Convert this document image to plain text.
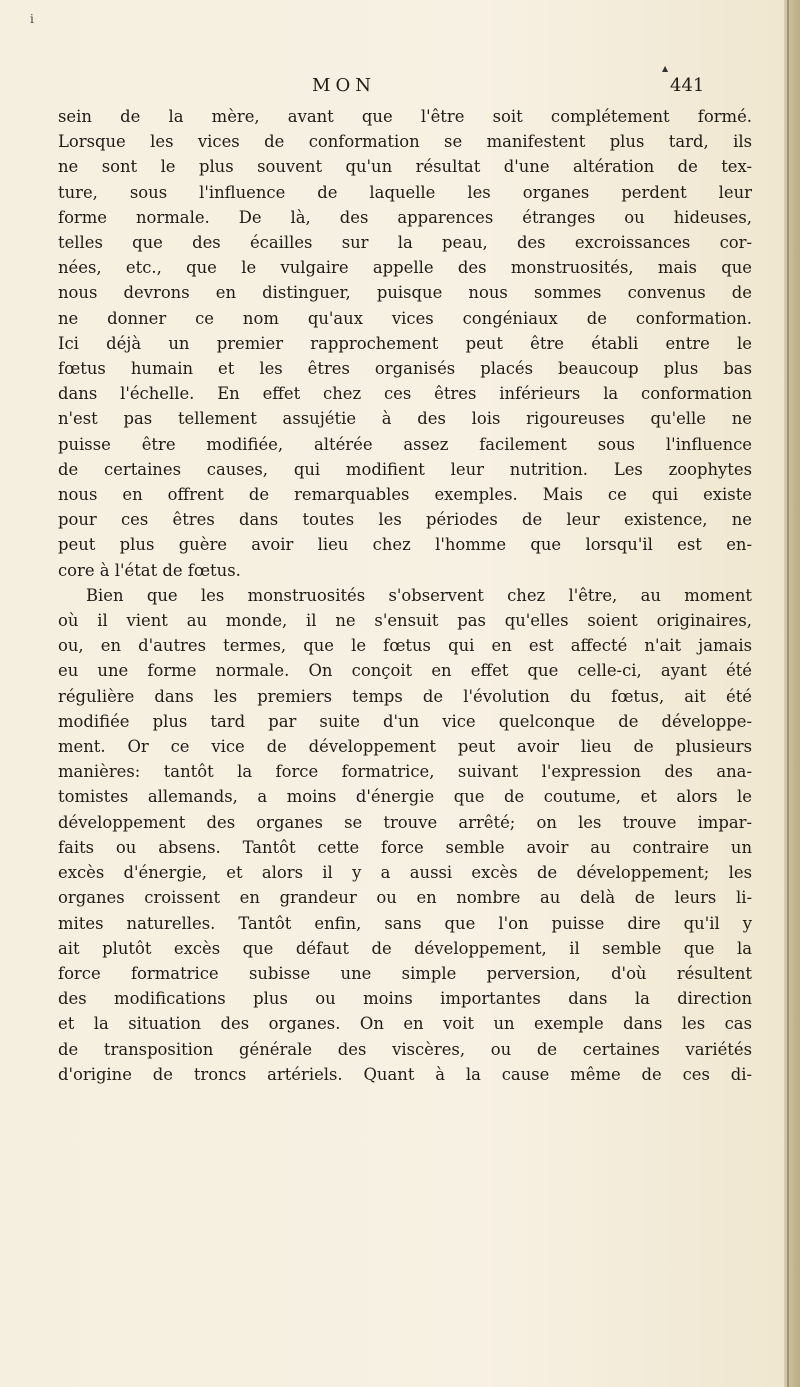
i
▲
MON	441
sein de la mère, avant que l'être soit complétement formé.
Lorsque les vices de conformation se manifestent plus tard, ils
ne sont le plus souvent qu'un résultat d'une altération de tex-
ture, sous l'influence de laquelle les organes perdent leur
forme normale. De là, des apparences étranges ou hideuses,
telles que des écailles sur la peau, des excroissances cor-
nées, etc., que le vulgaire appelle des monstruosités, mais que
nous devrons en distinguer, puisque nous sommes convenus de
ne donner ce nom qu'aux vices congéniaux de conformation.
Ici déjà un premier rapprochement peut être établi entre le
fœtus humain et les êtres organisés placés beaucoup plus bas
dans l'échelle. En effet chez ces êtres inférieurs la conformation
n'est pas tellement assujétie à des lois rigoureuses qu'elle ne
puisse être modifiée, altérée assez facilement sous l'influence
de certaines causes, qui modifient leur nutrition. Les zoophytes
nous en offrent de remarquables exemples. Mais ce qui existe
pour ces êtres dans toutes les périodes de leur existence, ne
peut plus guère avoir lieu chez l'homme que lorsqu'il est en-
core à l'état de fœtus.
Bien que les monstruosités s'observent chez l'être, au moment
où il vient au monde, il ne s'ensuit pas qu'elles soient originaires,
ou, en d'autres termes, que le fœtus qui en est affecté n'ait jamais
eu une forme normale. On conçoit en effet que celle-ci, ayant été
régulière dans les premiers temps de l'évolution du fœtus, ait été
modifiée plus tard par suite d'un vice quelconque de développe-
ment. Or ce vice de développement peut avoir lieu de plusieurs
manières: tantôt la force formatrice, suivant l'expression des ana-
tomistes allemands, a moins d'énergie que de coutume, et alors le
développement des organes se trouve arrêté; on les trouve impar-
faits ou absens. Tantôt cette force semble avoir au contraire un
excès d'énergie, et alors il y a aussi excès de développement; les
organes croissent en grandeur ou en nombre au delà de leurs li-
mites naturelles. Tantôt enfin, sans que l'on puisse dire qu'il y
ait plutôt excès que défaut de développement, il semble que la
force formatrice subisse une simple perversion, d'où résultent
des modifications plus ou moins importantes dans la direction
et la situation des organes. On en voit un exemple dans les cas
de transposition générale des viscères, ou de certaines variétés
d'origine de troncs artériels. Quant à la cause même de ces di-
